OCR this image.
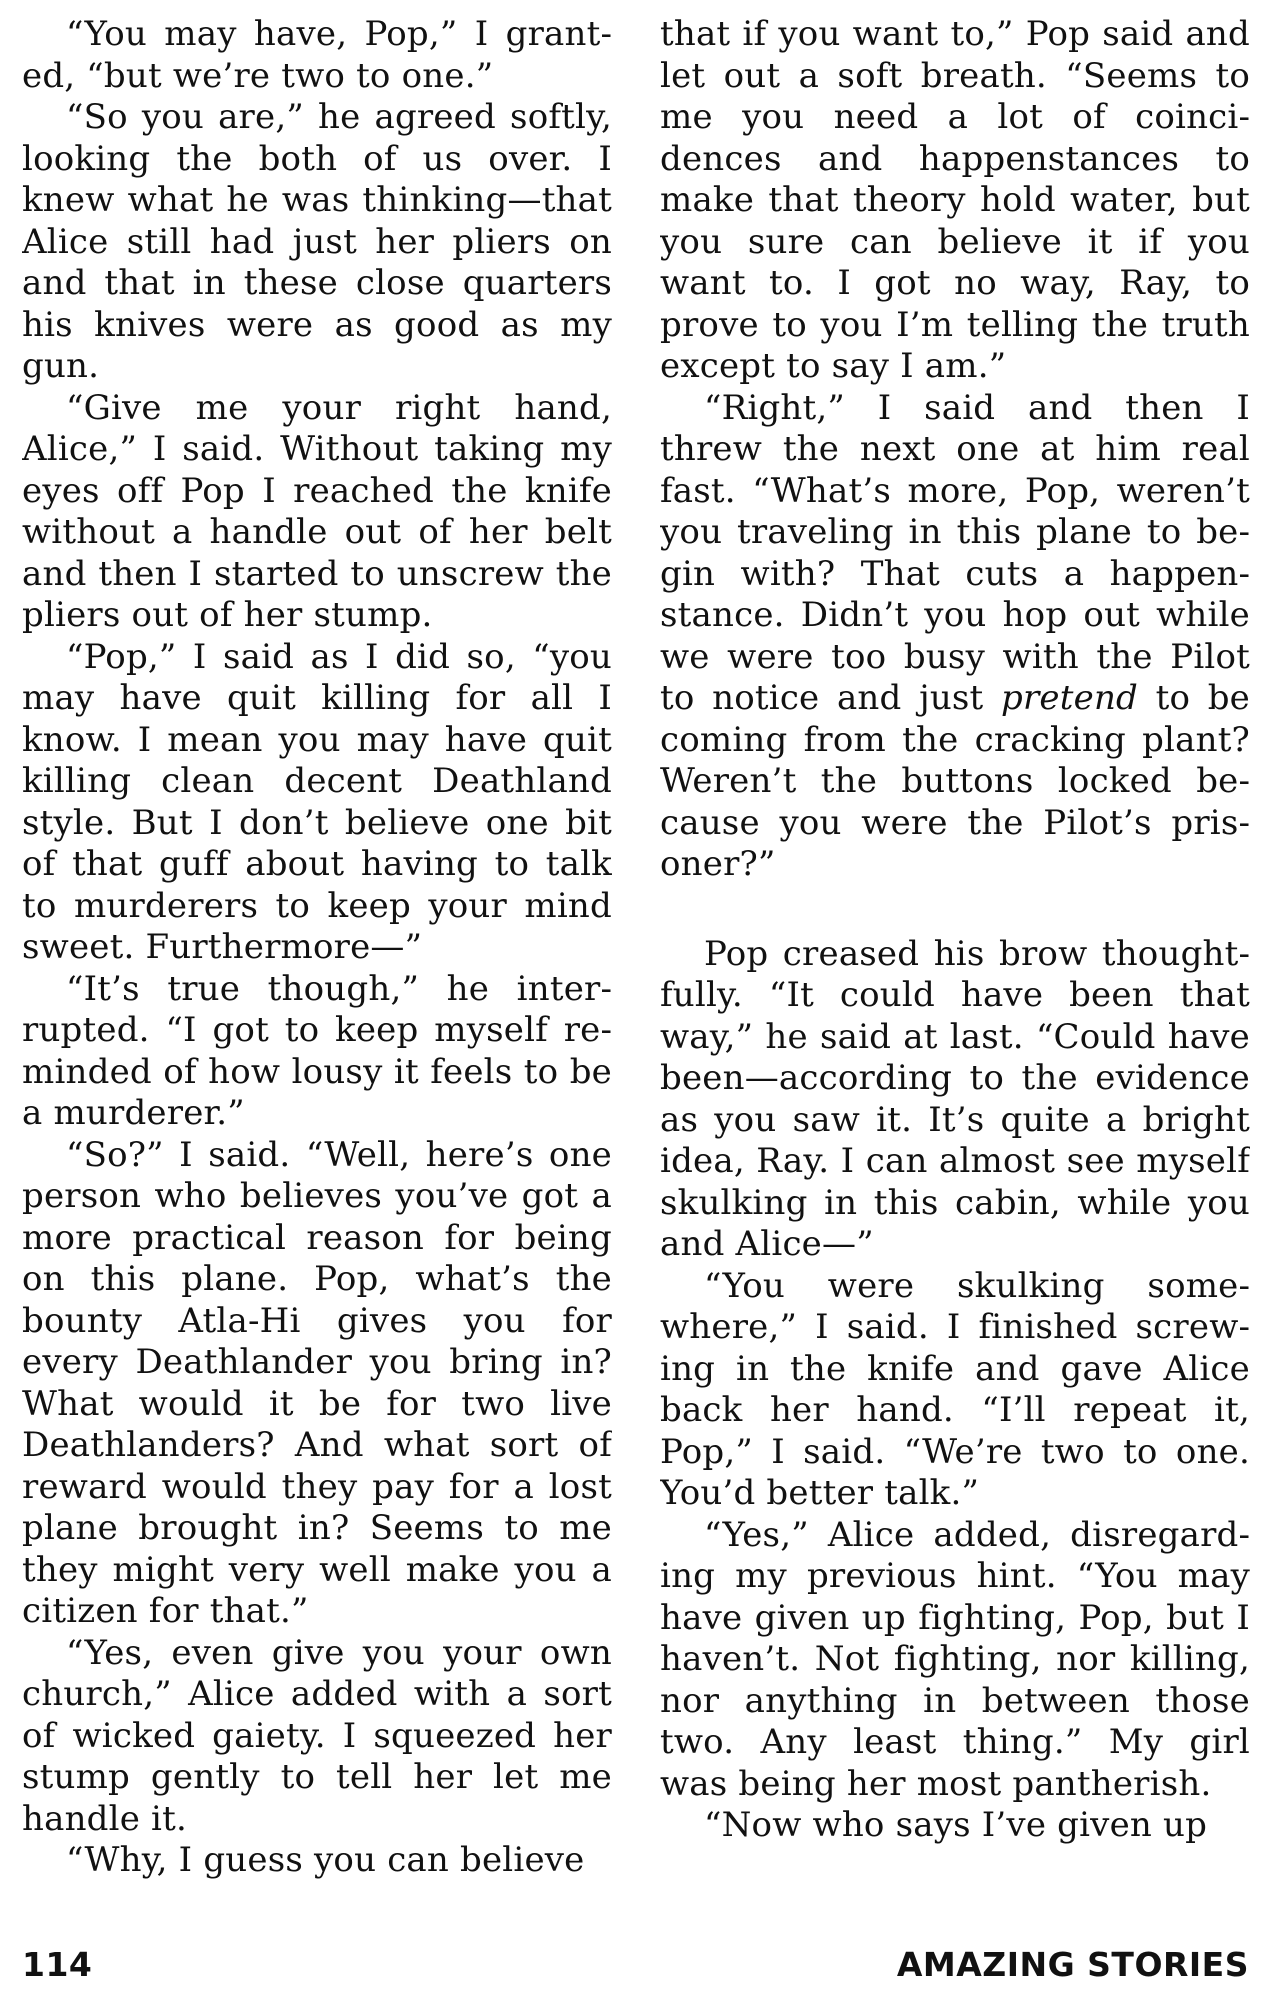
“You may have, Pop,” I granted, “but we’re two to one.”

“So you are,” he agreed softly, looking the both of us over. I knew what he was thinking—that Alice still had just her pliers on and that in these close quarters his knives were as good as my gun.

“Give me your right hand, Alice,” I said. Without taking my eyes off Pop I reached the knife without a handle out of her belt and then I started to unscrew the pliers out of her stump.

“Pop,” I said as I did so, “you may have quit killing for all I know. I mean you may have quit killing clean decent Deathland style. But I don’t believe one bit of that guff about having to talk to murderers to keep your mind sweet. Furthermore—”

“It’s true though,” he interrupted. “I got to keep myself reminded of how lousy it feels to be a murderer.”

“So?” I said. “Well, here’s one person who believes you’ve got a more practical reason for being on this plane. Pop, what’s the bounty Atla-Hi gives you for every Deathlander you bring in? What would it be for two live Deathlanders? And what sort of reward would they pay for a lost plane brought in? Seems to me they might very well make you a citizen for that.”

“Yes, even give you your own church,” Alice added with a sort of wicked gaiety. I squeezed her stump gently to tell her let me handle it.

“Why, I guess you can believe

that if you want to,” Pop said and let out a soft breath. “Seems to me you need a lot of coincidences and happenstances to make that theory hold water, but you sure can believe it if you want to. I got no way, Ray, to prove to you I’m telling the truth except to say I am.”

“Right,” I said and then I threw the next one at him real fast. “What’s more, Pop, weren’t you traveling in this plane to begin with? That cuts a happenstance. Didn’t you hop out while we were too busy with the Pilot to notice and just pretend to be coming from the cracking plant? Weren’t the buttons locked because you were the Pilot’s prisoner?”

Pop creased his brow thoughtfully. “It could have been that way,” he said at last. “Could have been—according to the evidence as you saw it. It’s quite a bright idea, Ray. I can almost see myself skulking in this cabin, while you and Alice—”

“You were skulking somewhere,” I said. I finished screwing in the knife and gave Alice back her hand. “I’ll repeat it, Pop,” I said. “We’re two to one. You’d better talk.”

“Yes,” Alice added, disregarding my previous hint. “You may have given up fighting, Pop, but I haven’t. Not fighting, nor killing, nor anything in between those two. Any least thing.” My girl was being her most pantherish.

“Now who says I’ve given up

114	AMAZING STORIES
